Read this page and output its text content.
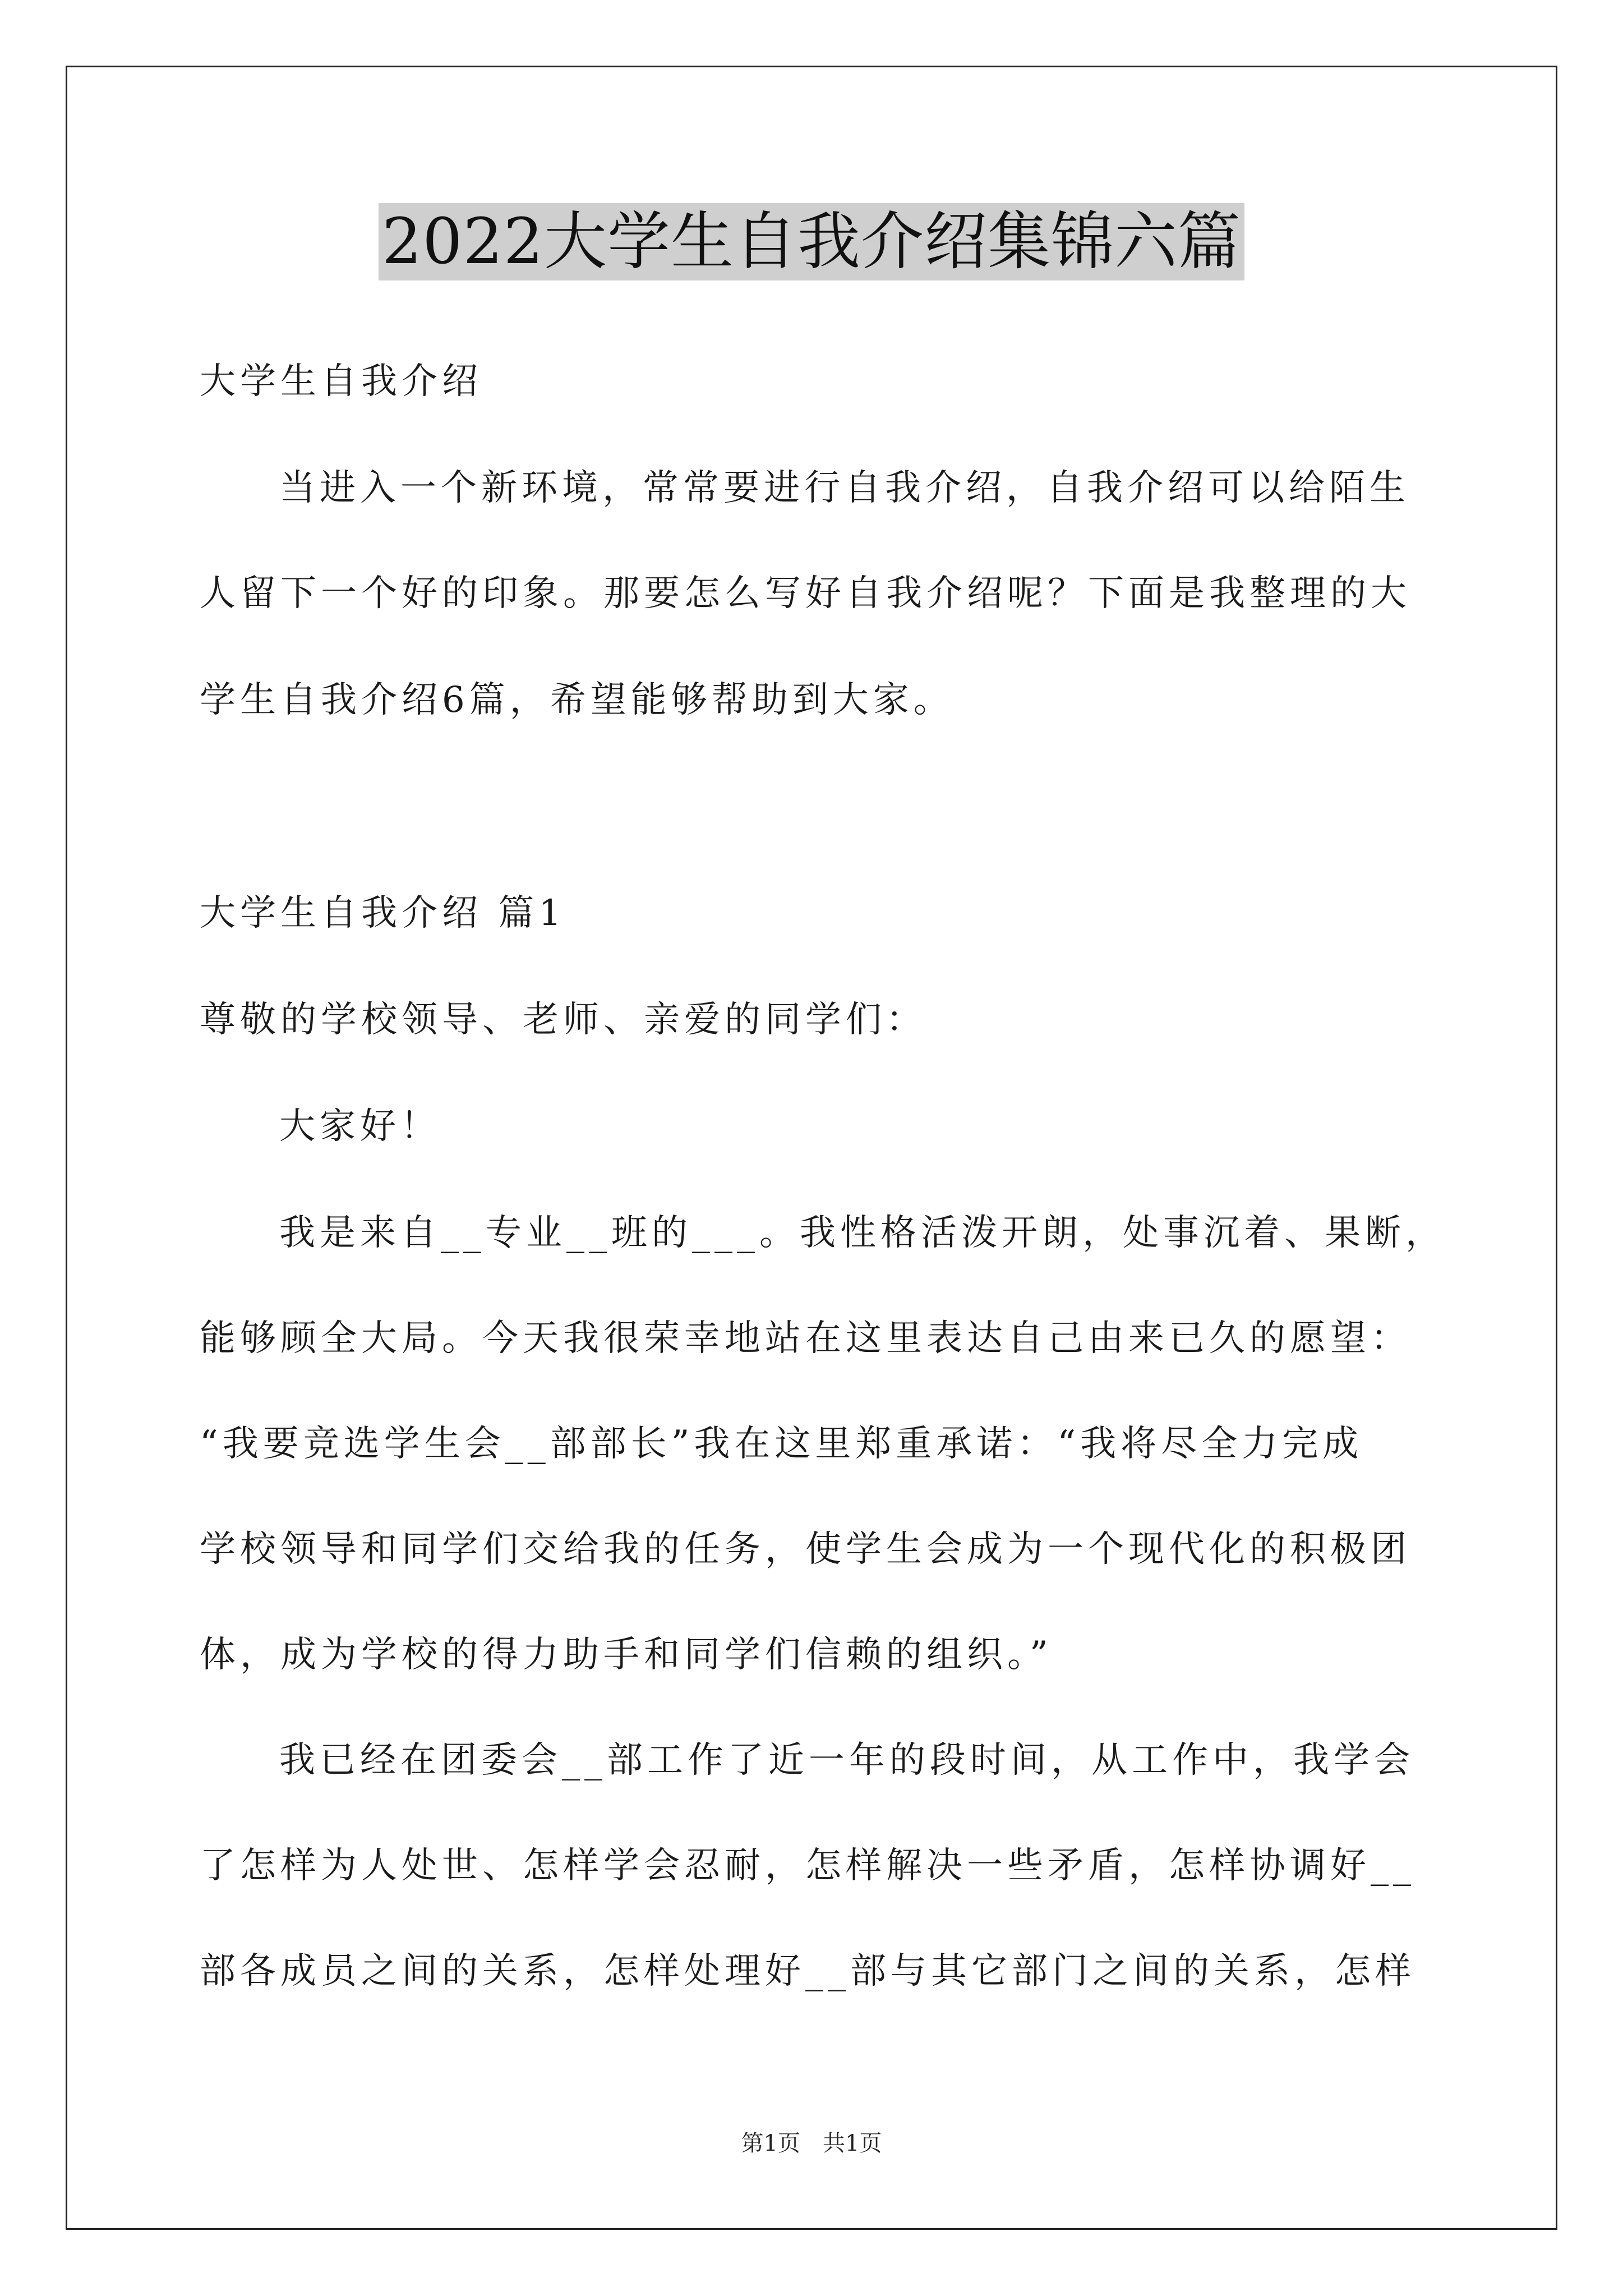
2022大学生自我介绍集锦六篇
大学生自我介绍
当进入一个新环境，常常要进行自我介绍，自我介绍可以给陌生
人留下一个好的印象。那要怎么写好自我介绍呢？下面是我整理的大
学生自我介绍6篇，希望能够帮助到大家。
大学生自我介绍 篇1
尊敬的学校领导、老师、亲爱的同学们：
大家好！
我是来自__专业__班的___。我性格活泼开朗，处事沉着、果断，
能够顾全大局。今天我很荣幸地站在这里表达自己由来已久的愿望：
“我要竞选学生会__部部长”我在这里郑重承诺：“我将尽全力完成
学校领导和同学们交给我的任务，使学生会成为一个现代化的积极团
体，成为学校的得力助手和同学们信赖的组织。”
我已经在团委会__部工作了近一年的段时间，从工作中，我学会
了怎样为人处世、怎样学会忍耐，怎样解决一些矛盾，怎样协调好__
部各成员之间的关系，怎样处理好__部与其它部门之间的关系，怎样
第1页　共1页
